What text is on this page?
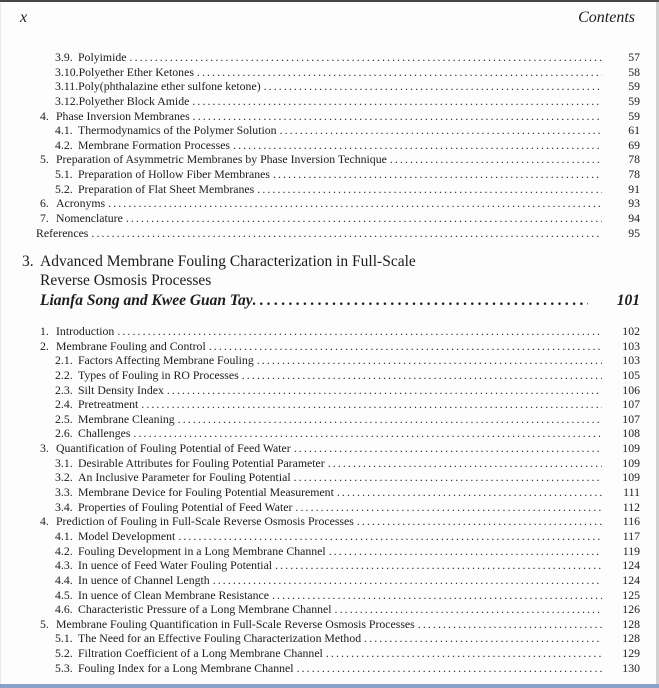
x	Contents
3.9. Polyimide .....	57
3.10. Polyether Ether Ketones .....	58
3.11. Poly(phthalazine ether sulfone ketone) .....	59
3.12. Polyether Block Amide .....	59
4. Phase Inversion Membranes .....	59
4.1. Thermodynamics of the Polymer Solution .....	61
4.2. Membrane Formation Processes .....	69
5. Preparation of Asymmetric Membranes by Phase Inversion Technique .....	78
5.1. Preparation of Hollow Fiber Membranes .....	78
5.2. Preparation of Flat Sheet Membranes .....	91
6. Acronyms .....	93
7. Nomenclature .....	94
References .....	95
3. Advanced Membrane Fouling Characterization in Full-Scale
Reverse Osmosis Processes
Lianfa Song and Kwee Guan Tay .....	101
1. Introduction .....	102
2. Membrane Fouling and Control .....	103
2.1. Factors Affecting Membrane Fouling .....	103
2.2. Types of Fouling in RO Processes .....	105
2.3. Silt Density Index .....	106
2.4. Pretreatment .....	107
2.5. Membrane Cleaning .....	107
2.6. Challenges .....	108
3. Quantification of Fouling Potential of Feed Water .....	109
3.1. Desirable Attributes for Fouling Potential Parameter .....	109
3.2. An Inclusive Parameter for Fouling Potential .....	109
3.3. Membrane Device for Fouling Potential Measurement .....	111
3.4. Properties of Fouling Potential of Feed Water .....	112
4. Prediction of Fouling in Full-Scale Reverse Osmosis Processes .....	116
4.1. Model Development .....	117
4.2. Fouling Development in a Long Membrane Channel .....	119
4.3. In uence of Feed Water Fouling Potential .....	124
4.4. In uence of Channel Length .....	124
4.5. In uence of Clean Membrane Resistance .....	125
4.6. Characteristic Pressure of a Long Membrane Channel .....	126
5. Membrane Fouling Quantification in Full-Scale Reverse Osmosis Processes .....	128
5.1. The Need for an Effective Fouling Characterization Method .....	128
5.2. Filtration Coefficient of a Long Membrane Channel .....	129
5.3. Fouling Index for a Long Membrane Channel .....	130
